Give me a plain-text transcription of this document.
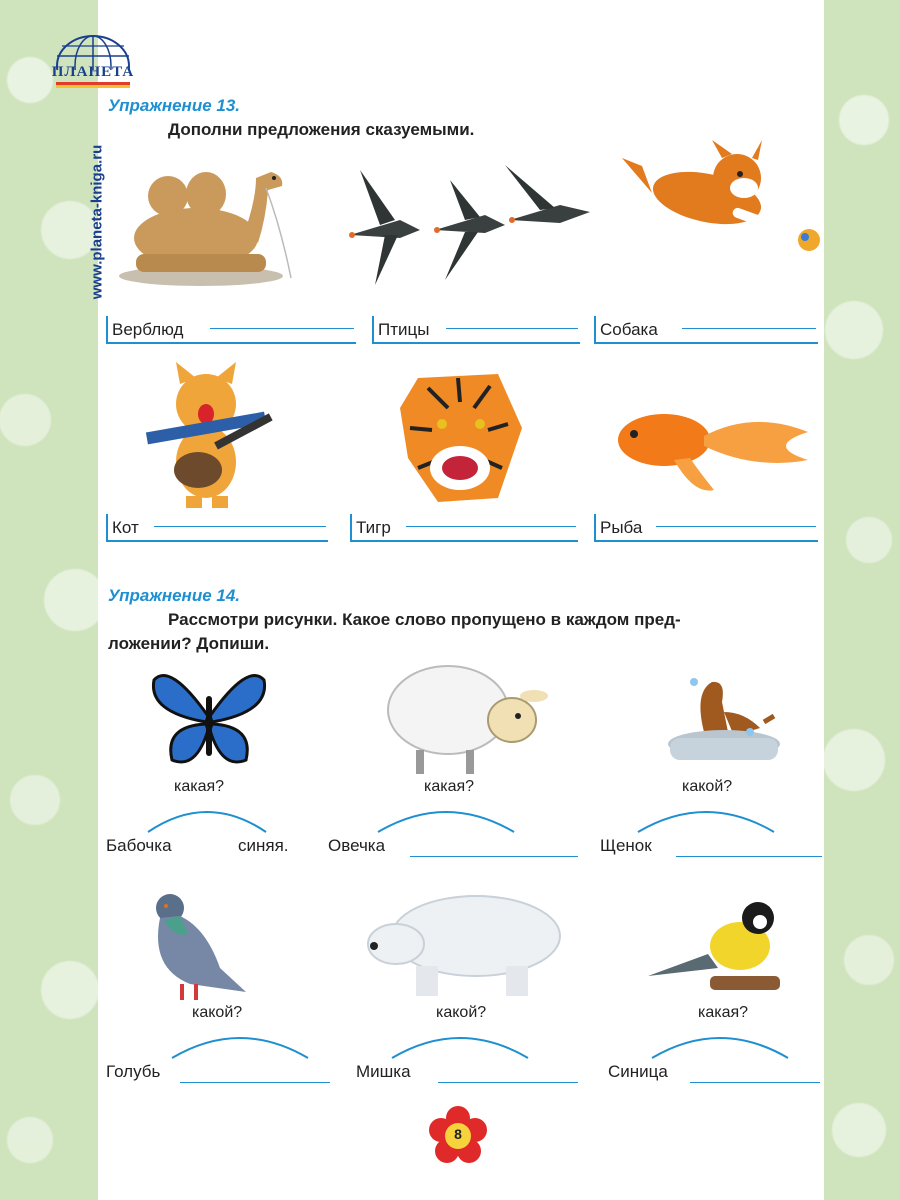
ПЛАНЕТА
www.planeta-kniga.ru
Упражнение 13.
Дополни предложения сказуемыми.
Верблюд	Птицы	Собака
Кот	Тигр	Рыба
Упражнение 14.
Рассмотри рисунки. Какое слово пропущено в каждом пред-
ложении? Допиши.
какая?
Бабочка	синяя.
какая?
Овечка
какой?
Щенок
какой?
Голубь
какой?
Мишка
какая?
Синица
8
